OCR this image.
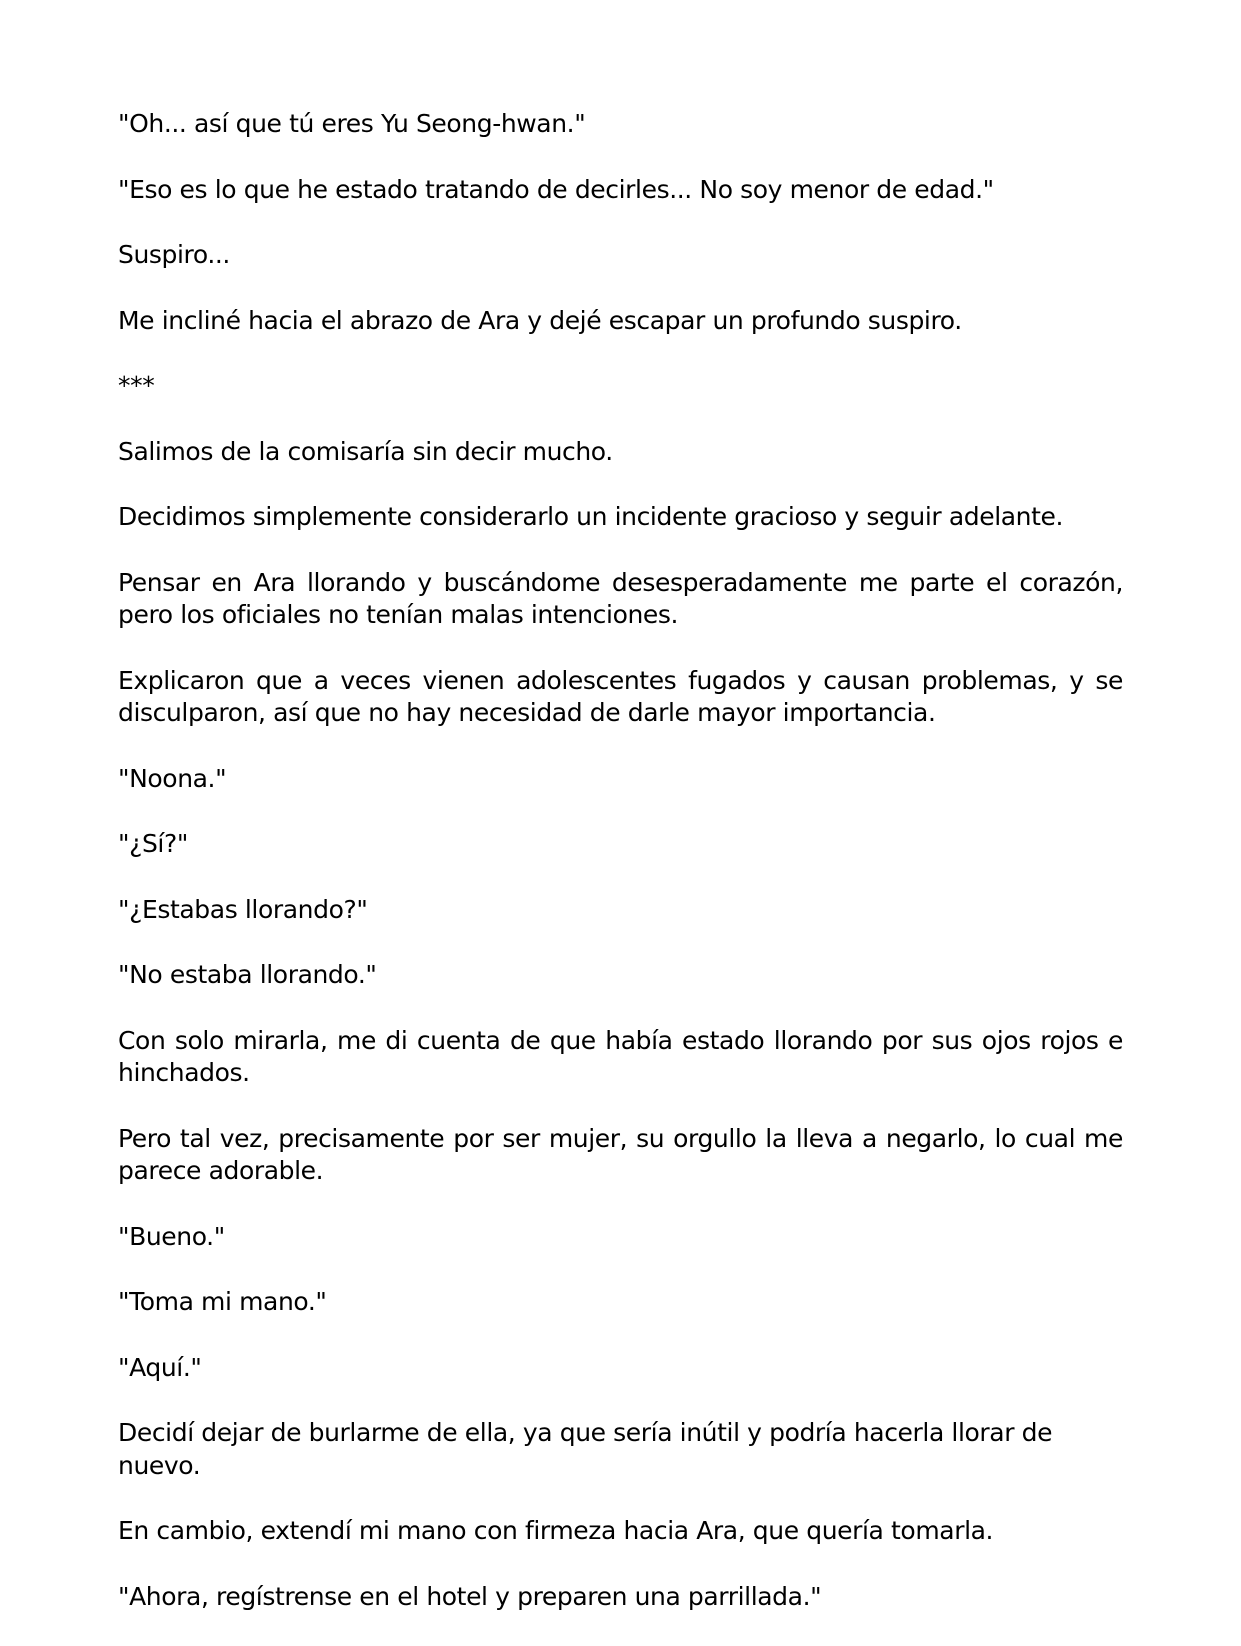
"Oh... así que tú eres Yu Seong-hwan."

"Eso es lo que he estado tratando de decirles... No soy menor de edad."

Suspiro...

Me incliné hacia el abrazo de Ara y dejé escapar un profundo suspiro.

***

Salimos de la comisaría sin decir mucho.

Decidimos simplemente considerarlo un incidente gracioso y seguir adelante.

Pensar en Ara llorando y buscándome desesperadamente me parte el corazón, pero los oficiales no tenían malas intenciones.

Explicaron que a veces vienen adolescentes fugados y causan problemas, y se disculparon, así que no hay necesidad de darle mayor importancia.

"Noona."

"¿Sí?"

"¿Estabas llorando?"

"No estaba llorando."

Con solo mirarla, me di cuenta de que había estado llorando por sus ojos rojos e hinchados.

Pero tal vez, precisamente por ser mujer, su orgullo la lleva a negarlo, lo cual me parece adorable.

"Bueno."

"Toma mi mano."

"Aquí."

Decidí dejar de burlarme de ella, ya que sería inútil y podría hacerla llorar de nuevo.

En cambio, extendí mi mano con firmeza hacia Ara, que quería tomarla.

"Ahora, regístrense en el hotel y preparen una parrillada."
